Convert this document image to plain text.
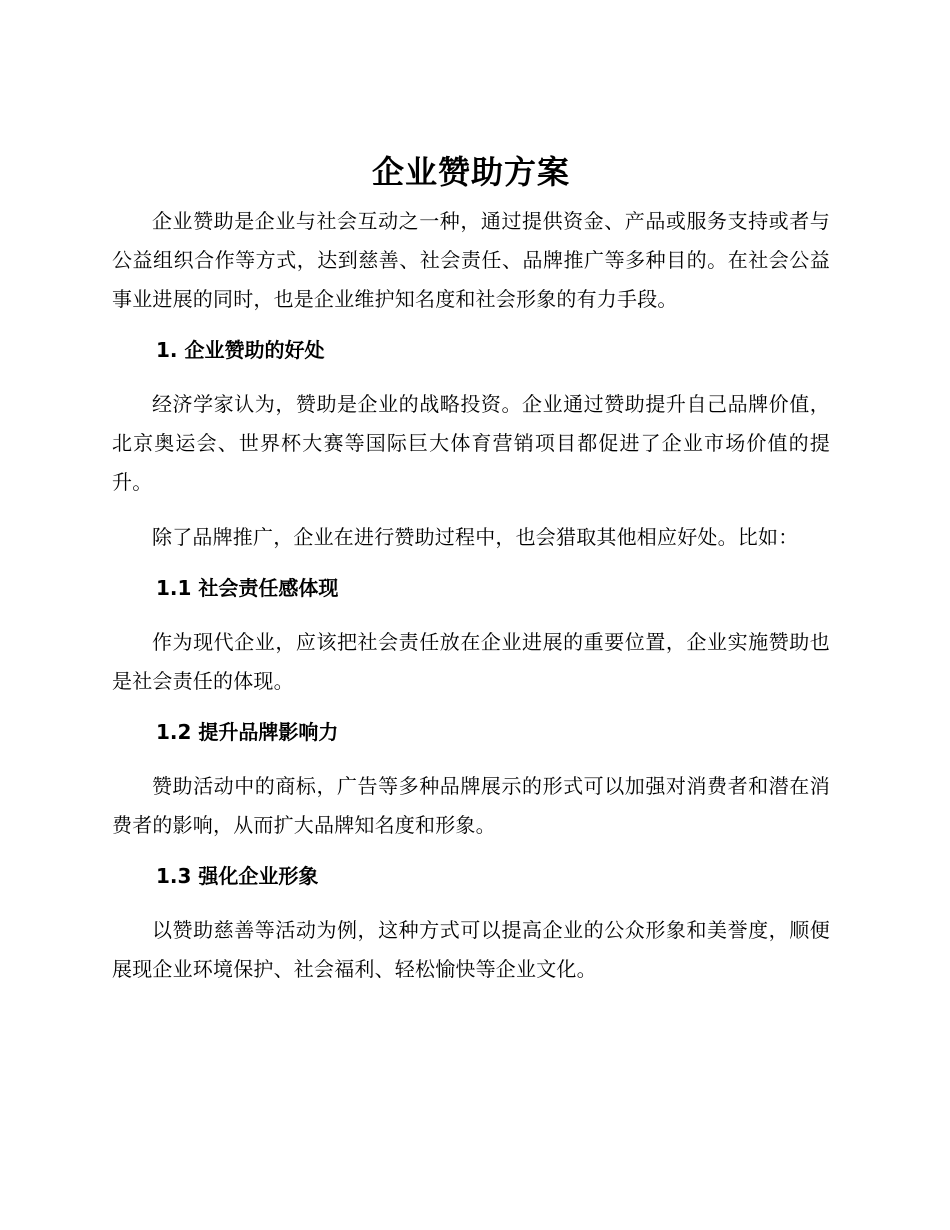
企业赞助方案

企业赞助是企业与社会互动之一种，通过提供资金、产品或服务支持或者与公益组织合作等方式，达到慈善、社会责任、品牌推广等多种目的。在社会公益事业进展的同时，也是企业维护知名度和社会形象的有力手段。

1. 企业赞助的好处

经济学家认为，赞助是企业的战略投资。企业通过赞助提升自己品牌价值，北京奥运会、世界杯大赛等国际巨大体育营销项目都促进了企业市场价值的提升。

除了品牌推广，企业在进行赞助过程中，也会猎取其他相应好处。比如：

1.1 社会责任感体现

作为现代企业，应该把社会责任放在企业进展的重要位置，企业实施赞助也是社会责任的体现。

1.2 提升品牌影响力

赞助活动中的商标，广告等多种品牌展示的形式可以加强对消费者和潜在消费者的影响，从而扩大品牌知名度和形象。

1.3 强化企业形象

以赞助慈善等活动为例，这种方式可以提高企业的公众形象和美誉度，顺便展现企业环境保护、社会福利、轻松愉快等企业文化。
